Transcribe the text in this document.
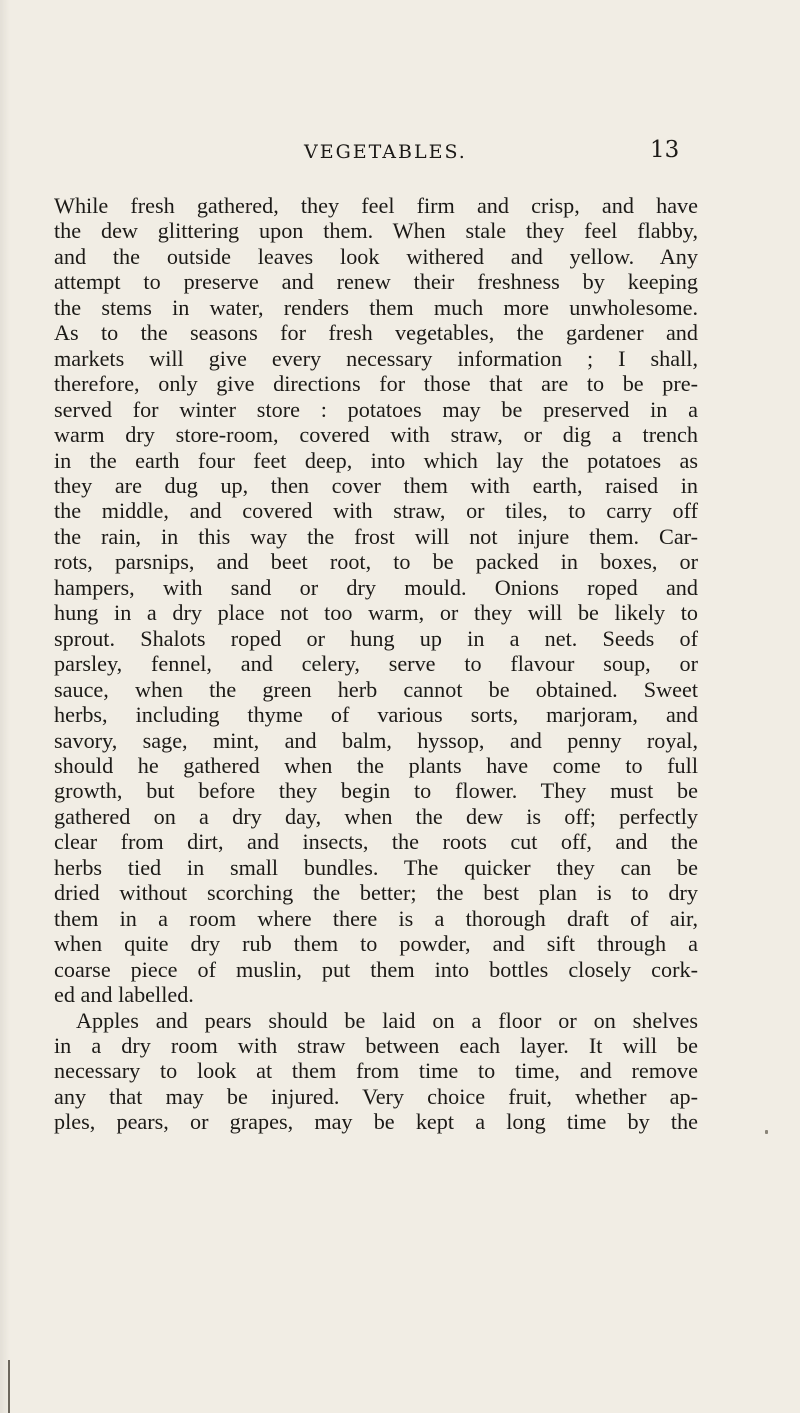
VEGETABLES.	13
While fresh gathered, they feel firm and crisp, and have
the dew glittering upon them. When stale they feel flabby,
and the outside leaves look withered and yellow. Any
attempt to preserve and renew their freshness by keeping
the stems in water, renders them much more unwholesome.
As to the seasons for fresh vegetables, the gardener and
markets will give every necessary information ; I shall,
therefore, only give directions for those that are to be pre-
served for winter store : potatoes may be preserved in a
warm dry store-room, covered with straw, or dig a trench
in the earth four feet deep, into which lay the potatoes as
they are dug up, then cover them with earth, raised in
the middle, and covered with straw, or tiles, to carry off
the rain, in this way the frost will not injure them. Car-
rots, parsnips, and beet root, to be packed in boxes, or
hampers, with sand or dry mould. Onions roped and
hung in a dry place not too warm, or they will be likely to
sprout. Shalots roped or hung up in a net. Seeds of
parsley, fennel, and celery, serve to flavour soup, or
sauce, when the green herb cannot be obtained. Sweet
herbs, including thyme of various sorts, marjoram, and
savory, sage, mint, and balm, hyssop, and penny royal,
should he gathered when the plants have come to full
growth, but before they begin to flower. They must be
gathered on a dry day, when the dew is off; perfectly
clear from dirt, and insects, the roots cut off, and the
herbs tied in small bundles. The quicker they can be
dried without scorching the better; the best plan is to dry
them in a room where there is a thorough draft of air,
when quite dry rub them to powder, and sift through a
coarse piece of muslin, put them into bottles closely cork-
ed and labelled.
Apples and pears should be laid on a floor or on shelves
in a dry room with straw between each layer. It will be
necessary to look at them from time to time, and remove
any that may be injured. Very choice fruit, whether ap-
ples, pears, or grapes, may be kept a long time by the
